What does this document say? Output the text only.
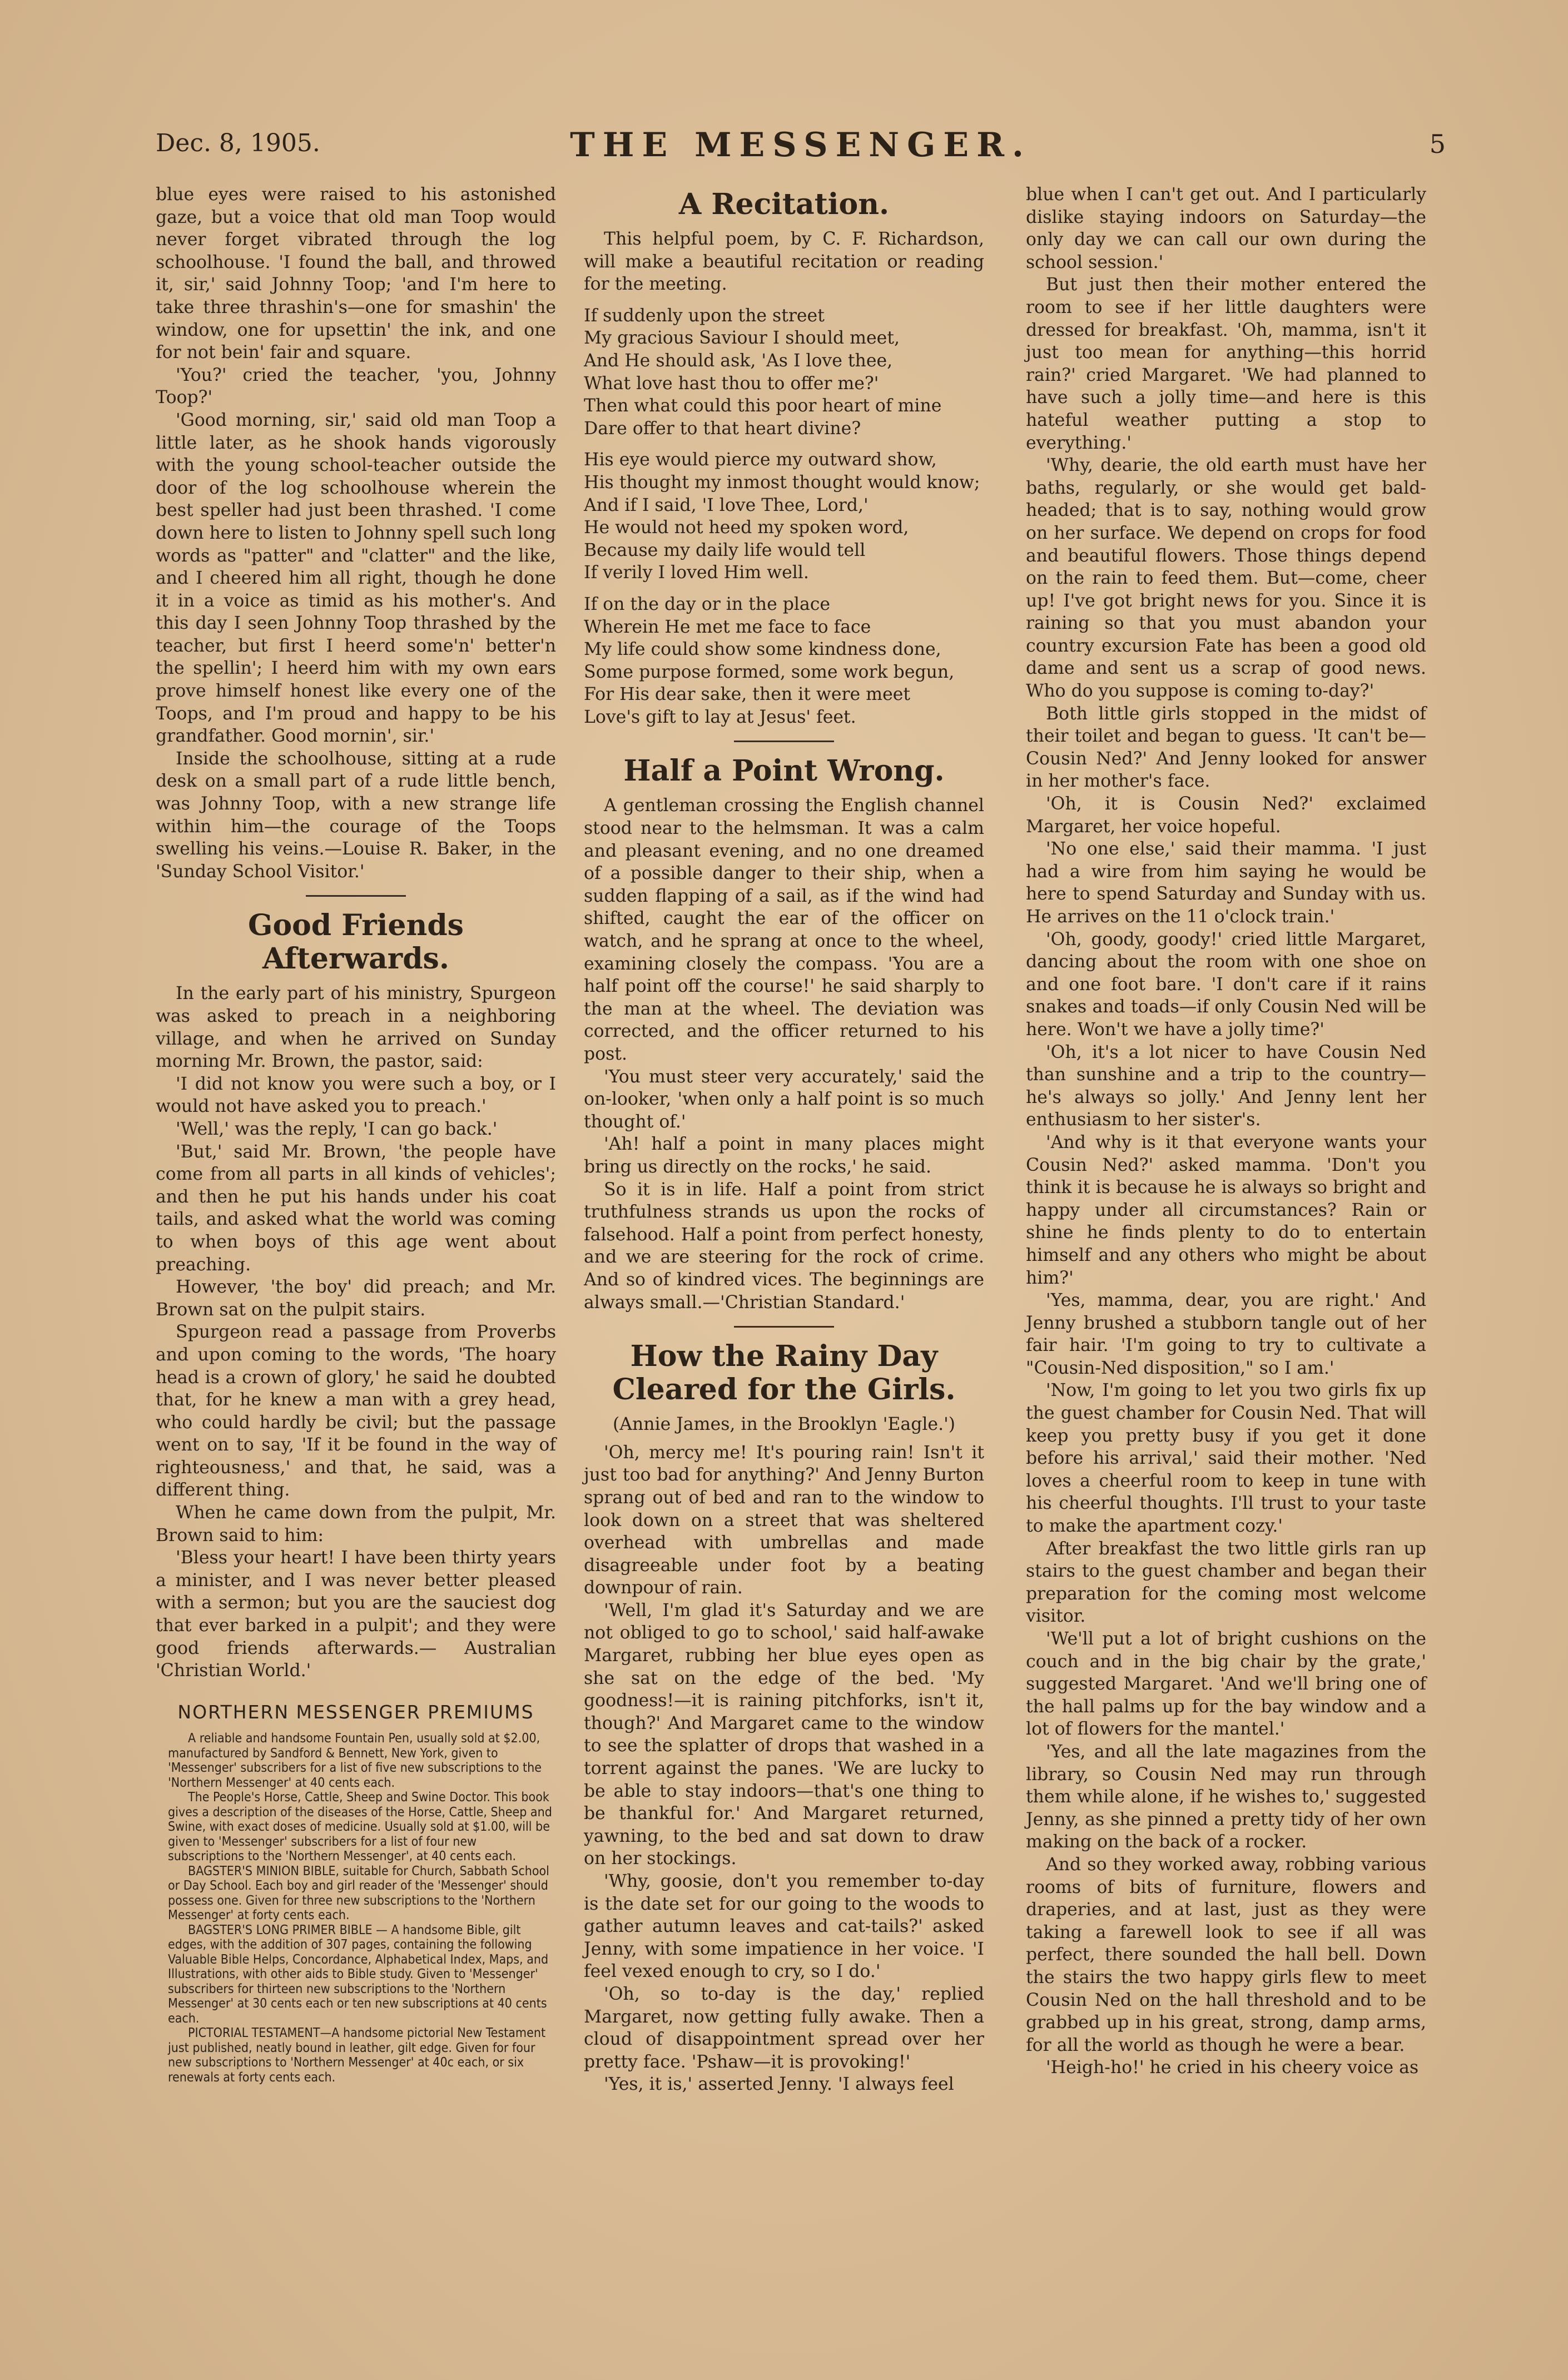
Dec. 8, 1905.	THE MESSENGER.	5

blue eyes were raised to his astonished gaze, but a voice that old man Toop would never forget vibrated through the log schoolhouse. 'I found the ball, and throwed it, sir,' said Johnny Toop; 'and I'm here to take three thrashin's—one for smashin' the window, one for upsettin' the ink, and one for not bein' fair and square.

'You?' cried the teacher, 'you, Johnny Toop?'

'Good morning, sir,' said old man Toop a little later, as he shook hands vigorously with the young school-teacher outside the door of the log schoolhouse wherein the best speller had just been thrashed. 'I come down here to listen to Johnny spell such long words as "patter" and "clatter" and the like, and I cheered him all right, though he done it in a voice as timid as his mother's. And this day I seen Johnny Toop thrashed by the teacher, but first I heerd some'n' better'n the spellin'; I heerd him with my own ears prove himself honest like every one of the Toops, and I'm proud and happy to be his grandfather. Good mornin', sir.'

Inside the schoolhouse, sitting at a rude desk on a small part of a rude little bench, was Johnny Toop, with a new strange life within him—the courage of the Toops swelling his veins.—Louise R. Baker, in the 'Sunday School Visitor.'

Good Friends Afterwards.

In the early part of his ministry, Spurgeon was asked to preach in a neighboring village, and when he arrived on Sunday morning Mr. Brown, the pastor, said:

'I did not know you were such a boy, or I would not have asked you to preach.'

'Well,' was the reply, 'I can go back.'

'But,' said Mr. Brown, 'the people have come from all parts in all kinds of vehicles'; and then he put his hands under his coat tails, and asked what the world was coming to when boys of this age went about preaching.

However, 'the boy' did preach; and Mr. Brown sat on the pulpit stairs.

Spurgeon read a passage from Proverbs and upon coming to the words, 'The hoary head is a crown of glory,' he said he doubted that, for he knew a man with a grey head, who could hardly be civil; but the passage went on to say, 'If it be found in the way of righteousness,' and that, he said, was a different thing.

When he came down from the pulpit, Mr. Brown said to him:

'Bless your heart! I have been thirty years a minister, and I was never better pleased with a sermon; but you are the sauciest dog that ever barked in a pulpit'; and they were good friends afterwards.— Australian 'Christian World.'

NORTHERN MESSENGER PREMIUMS

A reliable and handsome Fountain Pen, usually sold at $2.00, manufactured by Sandford & Bennett, New York, given to 'Messenger' subscribers for a list of five new subscriptions to the 'Northern Messenger' at 40 cents each.

The People's Horse, Cattle, Sheep and Swine Doctor. This book gives a description of the diseases of the Horse, Cattle, Sheep and Swine, with exact doses of medicine. Usually sold at $1.00, will be given to 'Messenger' subscribers for a list of four new subscriptions to the 'Northern Messenger', at 40 cents each.

BAGSTER'S MINION BIBLE, suitable for Church, Sabbath School or Day School. Each boy and girl reader of the 'Messenger' should possess one. Given for three new subscriptions to the 'Northern Messenger' at forty cents each.

BAGSTER'S LONG PRIMER BIBLE — A handsome Bible, gilt edges, with the addition of 307 pages, containing the following Valuable Bible Helps, Concordance, Alphabetical Index, Maps, and Illustrations, with other aids to Bible study. Given to 'Messenger' subscribers for thirteen new subscriptions to the 'Northern Messenger' at 30 cents each or ten new subscriptions at 40 cents each.

PICTORIAL TESTAMENT—A handsome pictorial New Testament just published, neatly bound in leather, gilt edge. Given for four new subscriptions to 'Northern Messenger' at 40c each, or six renewals at forty cents each.

A Recitation.

This helpful poem, by C. F. Richardson, will make a beautiful recitation or reading for the meeting.

If suddenly upon the street
My gracious Saviour I should meet,
And He should ask, 'As I love thee,
What love hast thou to offer me?'
Then what could this poor heart of mine
Dare offer to that heart divine?
His eye would pierce my outward show,
His thought my inmost thought would know;
And if I said, 'I love Thee, Lord,'
He would not heed my spoken word,
Because my daily life would tell
If verily I loved Him well.
If on the day or in the place
Wherein He met me face to face
My life could show some kindness done,
Some purpose formed, some work begun,
For His dear sake, then it were meet
Love's gift to lay at Jesus' feet.
Half a Point Wrong.

A gentleman crossing the English channel stood near to the helmsman. It was a calm and pleasant evening, and no one dreamed of a possible danger to their ship, when a sudden flapping of a sail, as if the wind had shifted, caught the ear of the officer on watch, and he sprang at once to the wheel, examining closely the compass. 'You are a half point off the course!' he said sharply to the man at the wheel. The deviation was corrected, and the officer returned to his post.

'You must steer very accurately,' said the on-looker, 'when only a half point is so much thought of.'

'Ah! half a point in many places might bring us directly on the rocks,' he said.

So it is in life. Half a point from strict truthfulness strands us upon the rocks of falsehood. Half a point from perfect honesty, and we are steering for the rock of crime. And so of kindred vices. The beginnings are always small.—'Christian Standard.'

How the Rainy Day Cleared for the Girls.

(Annie James, in the Brooklyn 'Eagle.')

'Oh, mercy me! It's pouring rain! Isn't it just too bad for anything?' And Jenny Burton sprang out of bed and ran to the window to look down on a street that was sheltered overhead with umbrellas and made disagreeable under foot by a beating downpour of rain.

'Well, I'm glad it's Saturday and we are not obliged to go to school,' said half-awake Margaret, rubbing her blue eyes open as she sat on the edge of the bed. 'My goodness!—it is raining pitchforks, isn't it, though?' And Margaret came to the window to see the splatter of drops that washed in a torrent against the panes. 'We are lucky to be able to stay indoors—that's one thing to be thankful for.' And Margaret returned, yawning, to the bed and sat down to draw on her stockings.

'Why, goosie, don't you remember to-day is the date set for our going to the woods to gather autumn leaves and cat-tails?' asked Jenny, with some impatience in her voice. 'I feel vexed enough to cry, so I do.'

'Oh, so to-day is the day,' replied Margaret, now getting fully awake. Then a cloud of disappointment spread over her pretty face. 'Pshaw—it is provoking!'

'Yes, it is,' asserted Jenny. 'I always feel

blue when I can't get out. And I particularly dislike staying indoors on Saturday—the only day we can call our own during the school session.'

But just then their mother entered the room to see if her little daughters were dressed for breakfast. 'Oh, mamma, isn't it just too mean for anything—this horrid rain?' cried Margaret. 'We had planned to have such a jolly time—and here is this hateful weather putting a stop to everything.'

'Why, dearie, the old earth must have her baths, regularly, or she would get bald-headed; that is to say, nothing would grow on her surface. We depend on crops for food and beautiful flowers. Those things depend on the rain to feed them. But—come, cheer up! I've got bright news for you. Since it is raining so that you must abandon your country excursion Fate has been a good old dame and sent us a scrap of good news. Who do you suppose is coming to-day?'

Both little girls stopped in the midst of their toilet and began to guess. 'It can't be—Cousin Ned?' And Jenny looked for answer in her mother's face.

'Oh, it is Cousin Ned?' exclaimed Margaret, her voice hopeful.

'No one else,' said their mamma. 'I just had a wire from him saying he would be here to spend Saturday and Sunday with us. He arrives on the 11 o'clock train.'

'Oh, goody, goody!' cried little Margaret, dancing about the room with one shoe on and one foot bare. 'I don't care if it rains snakes and toads—if only Cousin Ned will be here. Won't we have a jolly time?'

'Oh, it's a lot nicer to have Cousin Ned than sunshine and a trip to the country—he's always so jolly.' And Jenny lent her enthusiasm to her sister's.

'And why is it that everyone wants your Cousin Ned?' asked mamma. 'Don't you think it is because he is always so bright and happy under all circumstances? Rain or shine he finds plenty to do to entertain himself and any others who might be about him?'

'Yes, mamma, dear, you are right.' And Jenny brushed a stubborn tangle out of her fair hair. 'I'm going to try to cultivate a "Cousin-Ned disposition," so I am.'

'Now, I'm going to let you two girls fix up the guest chamber for Cousin Ned. That will keep you pretty busy if you get it done before his arrival,' said their mother. 'Ned loves a cheerful room to keep in tune with his cheerful thoughts. I'll trust to your taste to make the apartment cozy.'

After breakfast the two little girls ran up stairs to the guest chamber and began their preparation for the coming most welcome visitor.

'We'll put a lot of bright cushions on the couch and in the big chair by the grate,' suggested Margaret. 'And we'll bring one of the hall palms up for the bay window and a lot of flowers for the mantel.'

'Yes, and all the late magazines from the library, so Cousin Ned may run through them while alone, if he wishes to,' suggested Jenny, as she pinned a pretty tidy of her own making on the back of a rocker.

And so they worked away, robbing various rooms of bits of furniture, flowers and draperies, and at last, just as they were taking a farewell look to see if all was perfect, there sounded the hall bell. Down the stairs the two happy girls flew to meet Cousin Ned on the hall threshold and to be grabbed up in his great, strong, damp arms, for all the world as though he were a bear.

'Heigh-ho!' he cried in his cheery voice as
